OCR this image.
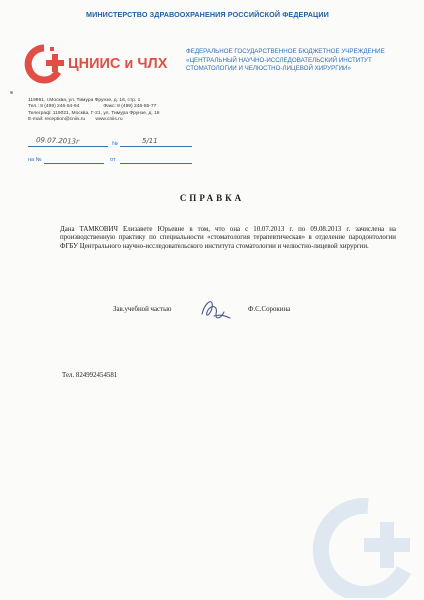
МИНИСТЕРСТВО ЗДРАВООХРАНЕНИЯ РОССИЙСКОЙ ФЕДЕРАЦИИ
ЦНИИС и ЧЛХ
ФЕДЕРАЛЬНОЕ ГОСУДАРСТВЕННОЕ БЮДЖЕТНОЕ УЧРЕЖДЕНИЕ
«ЦЕНТРАЛЬНЫЙ НАУЧНО-ИССЛЕДОВАТЕЛЬСКИЙ ИНСТИТУТ
СТОМАТОЛОГИИ И ЧЕЛЮСТНО-ЛИЦЕВОЙ ХИРУРГИИ»
119991, г.Москва, ул. Тимура Фрунзе, д. 16, стр. 1
Тел.: 8 (499) 246-64-94	Факс: 8 (499) 246-65-77
Телеграф: 119021, Москва, Г-21, ул. Тимура Фрунзе, д. 16
E-mail: reception@cniis.ru www.cniis.ru
09.07.2013г	№	5/11
на №	от
СПРАВКА

Дана ТАМКОВИЧ Елизавете Юрьевне в том, что она с 10.07.2013 г. по 09.08.2013 г. зачислена на производственную практику по специальности «стоматология терапевтическая» в отделение пародонтологии ФГБУ Центрального научно-исследовательского института стоматологии и челюстно-лицевой хирургии.

Зав.учебной частью	Ф.С.Сорокина
Тел. 824992454581
